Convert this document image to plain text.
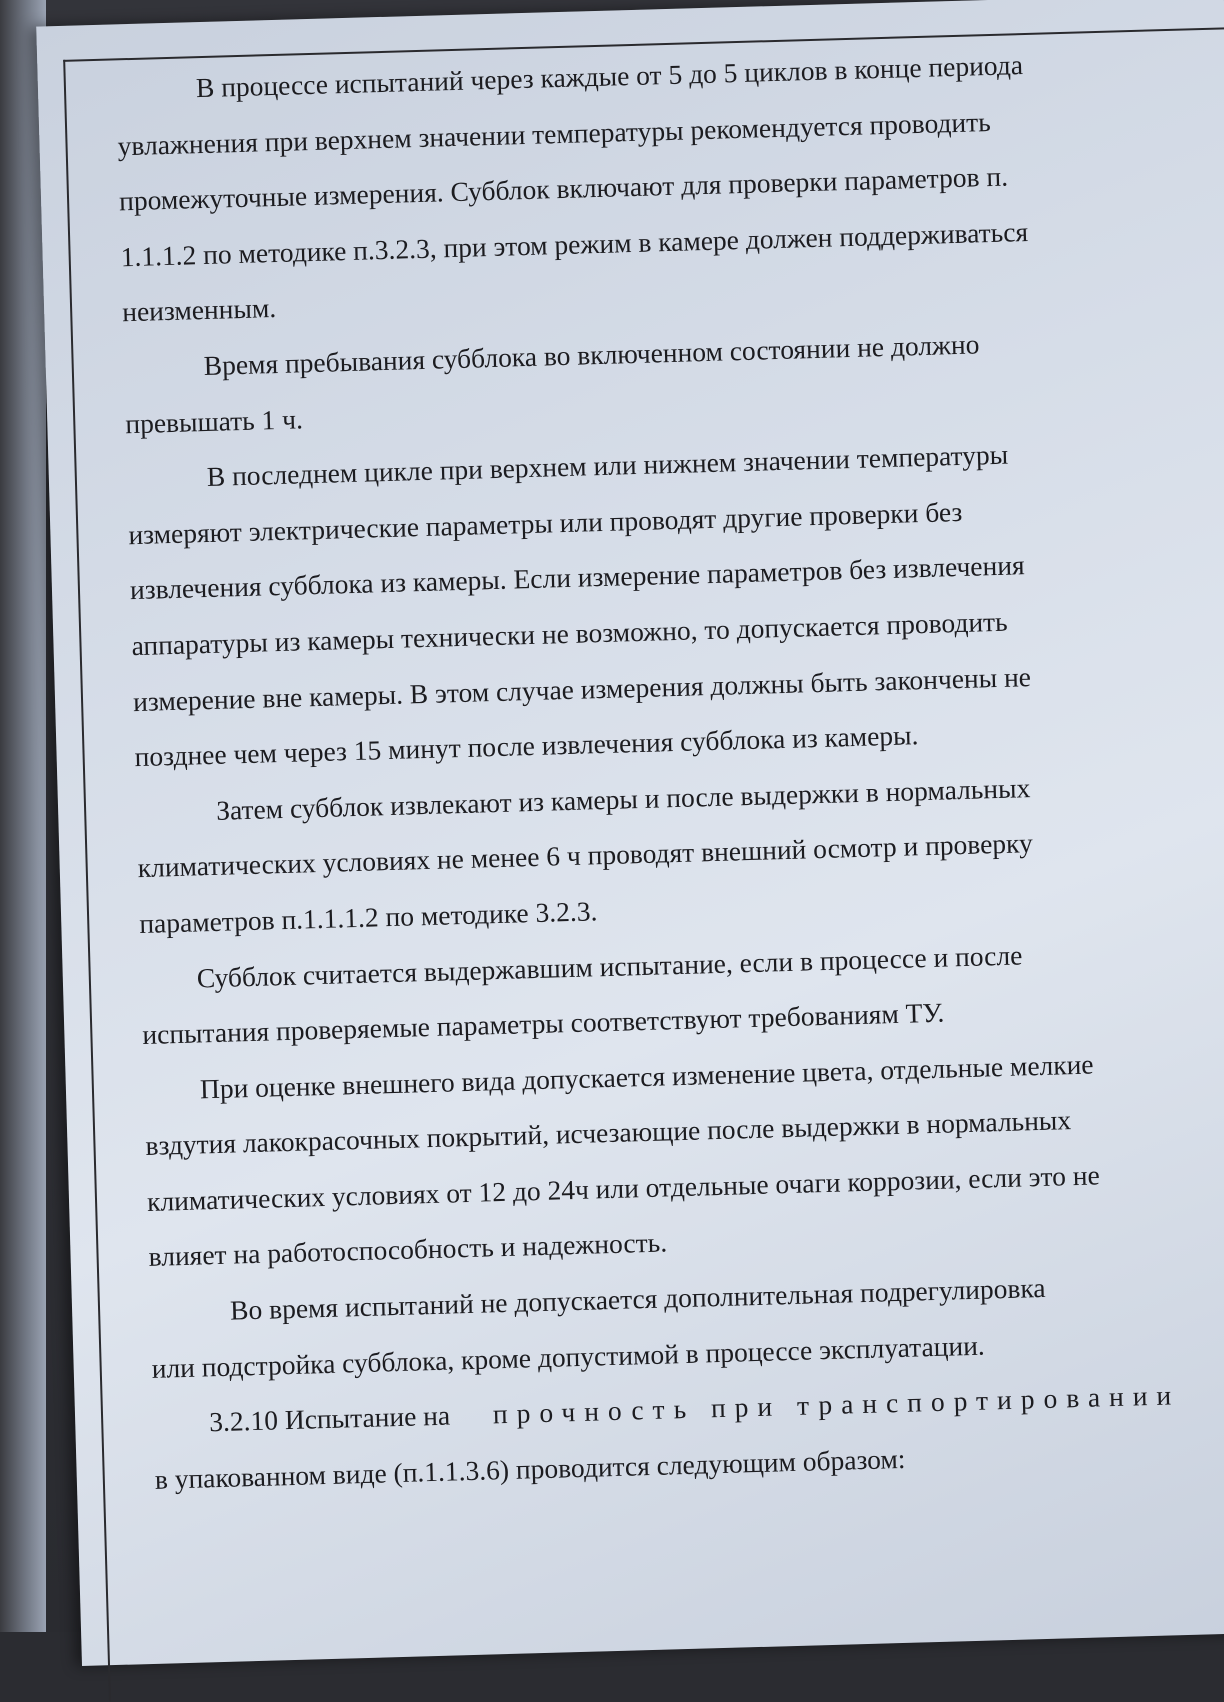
В процессе испытаний через каждые от 5 до 5 циклов в конце периода
увлажнения при верхнем значении температуры рекомендуется проводить
промежуточные измерения. Субблок включают для проверки параметров п.
1.1.1.2 по методике п.3.2.3, при этом режим в камере должен поддерживаться
неизменным.
Время пребывания субблока во включенном состоянии не должно
превышать 1 ч.
В последнем цикле при верхнем или нижнем значении температуры
измеряют электрические параметры или проводят другие проверки без
извлечения субблока из камеры. Если измерение параметров без извлечения
аппаратуры из камеры технически не возможно, то допускается проводить
измерение вне камеры. В этом случае измерения должны быть закончены не
позднее чем через 15 минут после извлечения субблока из камеры.
Затем субблок извлекают из камеры и после выдержки в нормальных
климатических условиях не менее 6 ч проводят внешний осмотр и проверку
параметров п.1.1.1.2 по методике 3.2.3.
Субблок считается выдержавшим испытание, если в процессе и после
испытания проверяемые параметры соответствуют требованиям ТУ.
При оценке внешнего вида допускается изменение цвета, отдельные мелкие
вздутия лакокрасочных покрытий, исчезающие после выдержки в нормальных
климатических условиях от 12 до 24ч или отдельные очаги коррозии, если это не
влияет на работоспособность и надежность.
Во время испытаний не допускается дополнительная подрегулировка
или подстройка субблока, кроме допустимой в процессе эксплуатации.
3.2.10 Испытание на прочность при транспортировании
в упакованном виде (п.1.1.3.6) проводится следующим образом:
